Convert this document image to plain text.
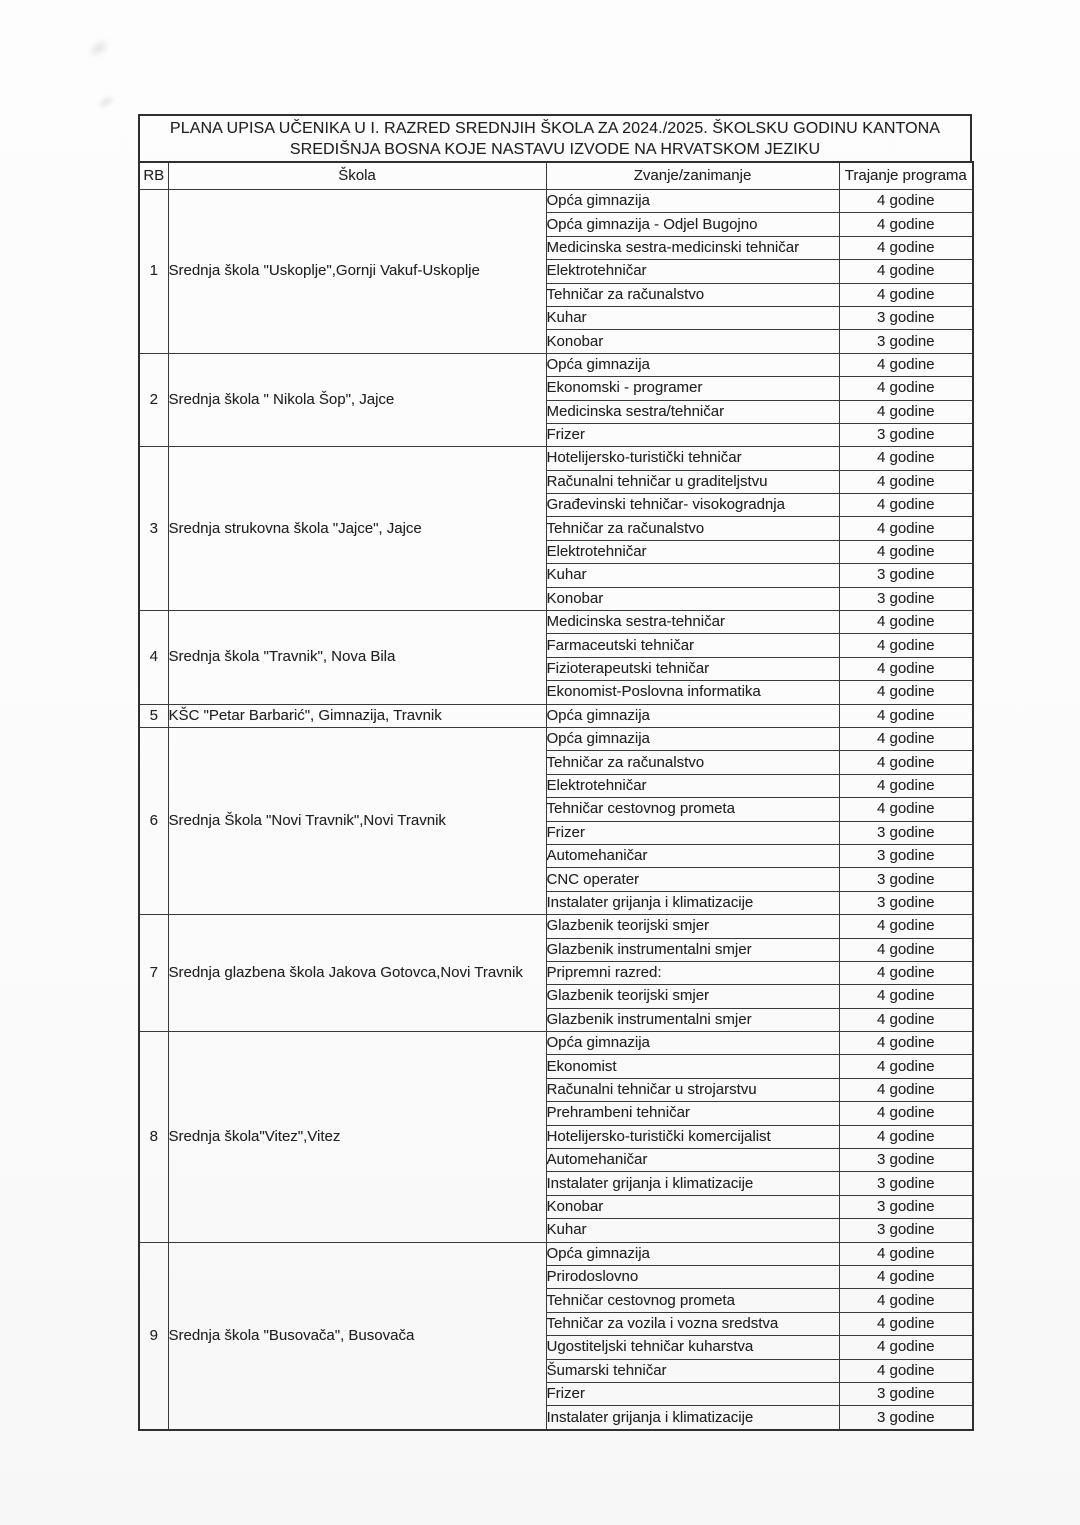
PLANA UPISA UČENIKA U I. RAZRED SREDNJIH ŠKOLA ZA 2024./2025. ŠKOLSKU GODINU KANTONA
SREDIŠNJA BOSNA KOJE NASTAVU IZVODE NA HRVATSKOM JEZIKU
RB	Škola	Zvanje/zanimanje	Trajanje programa
1	Srednja škola "Uskoplje",Gornji Vakuf-Uskoplje	Opća gimnazija	4 godine
		Opća gimnazija - Odjel Bugojno	4 godine
		Medicinska sestra-medicinski tehničar	4 godine
		Elektrotehničar	4 godine
		Tehničar za računalstvo	4 godine
		Kuhar	3 godine
		Konobar	3 godine
2	Srednja škola " Nikola Šop", Jajce	Opća gimnazija	4 godine
		Ekonomski - programer	4 godine
		Medicinska sestra/tehničar	4 godine
		Frizer	3 godine
3	Srednja strukovna škola "Jajce", Jajce	Hotelijersko-turistički tehničar	4 godine
		Računalni tehničar u graditeljstvu	4 godine
		Građevinski tehničar- visokogradnja	4 godine
		Tehničar za računalstvo	4 godine
		Elektrotehničar	4 godine
		Kuhar	3 godine
		Konobar	3 godine
4	Srednja škola "Travnik", Nova Bila	Medicinska sestra-tehničar	4 godine
		Farmaceutski tehničar	4 godine
		Fizioterapeutski tehničar	4 godine
		Ekonomist-Poslovna informatika	4 godine
5	KŠC "Petar Barbarić", Gimnazija, Travnik	Opća gimnazija	4 godine
6	Srednja Škola "Novi Travnik",Novi Travnik	Opća gimnazija	4 godine
		Tehničar za računalstvo	4 godine
		Elektrotehničar	4 godine
		Tehničar cestovnog prometa	4 godine
		Frizer	3 godine
		Automehaničar	3 godine
		CNC operater	3 godine
		Instalater grijanja i klimatizacije	3 godine
7	Srednja glazbena škola Jakova Gotovca,Novi Travnik	Glazbenik teorijski smjer	4 godine
		Glazbenik instrumentalni smjer	4 godine
		Pripremni razred:	4 godine
		Glazbenik teorijski smjer	4 godine
		Glazbenik instrumentalni smjer	4 godine
8	Srednja škola"Vitez",Vitez	Opća gimnazija	4 godine
		Ekonomist	4 godine
		Računalni tehničar u strojarstvu	4 godine
		Prehrambeni tehničar	4 godine
		Hotelijersko-turistički komercijalist	4 godine
		Automehaničar	3 godine
		Instalater grijanja i klimatizacije	3 godine
		Konobar	3 godine
		Kuhar	3 godine
9	Srednja škola "Busovača", Busovača	Opća gimnazija	4 godine
		Prirodoslovno	4 godine
		Tehničar cestovnog prometa	4 godine
		Tehničar za vozila i vozna sredstva	4 godine
		Ugostiteljski tehničar kuharstva	4 godine
		Šumarski tehničar	4 godine
		Frizer	3 godine
		Instalater grijanja i klimatizacije	3 godine
